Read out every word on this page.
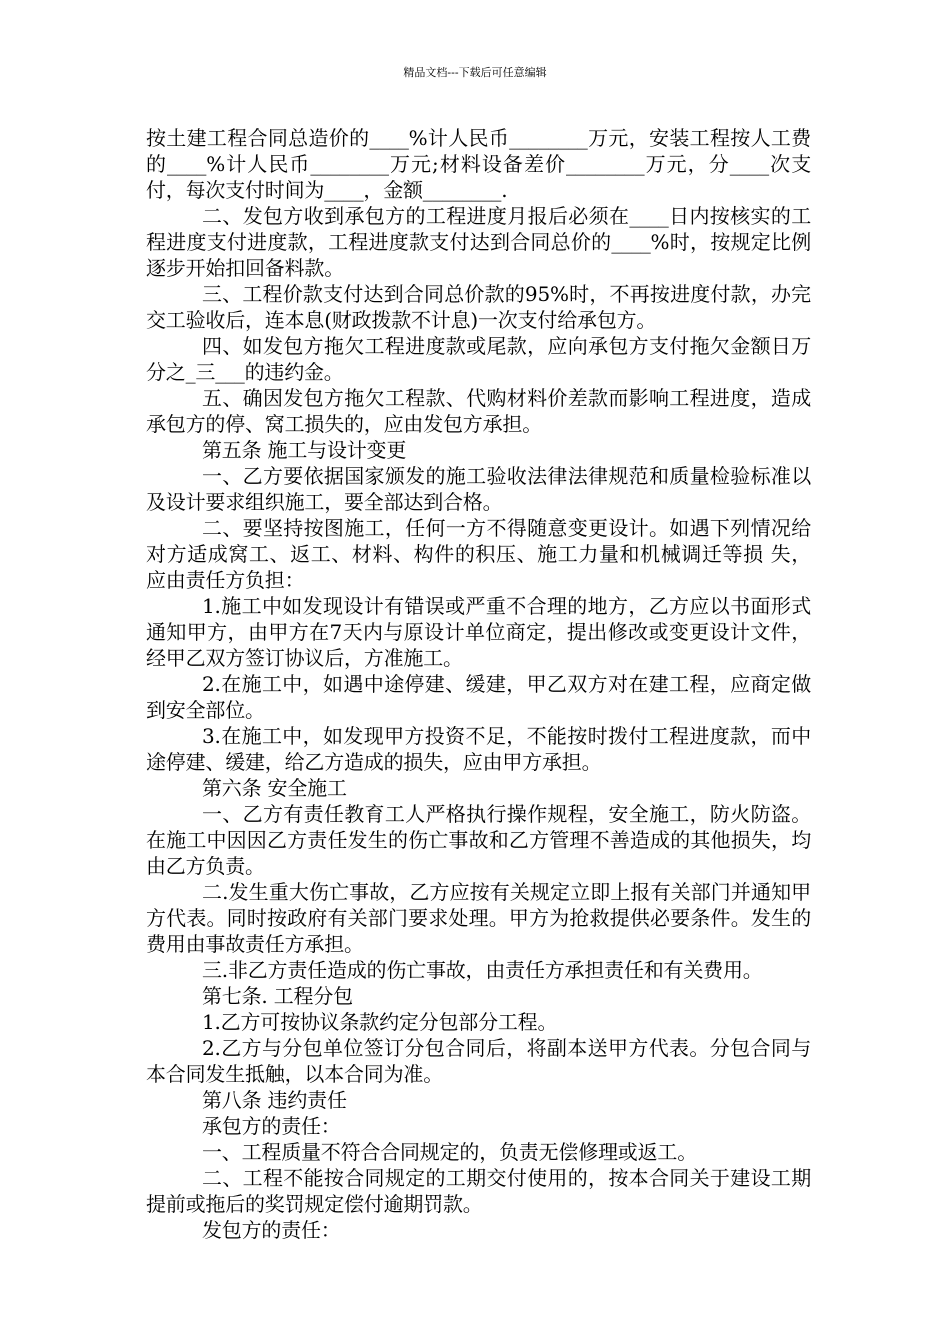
精品文档---下载后可任意编辑

按土建工程合同总造价的____%计人民币________万元，安装工程按人工费的____%计人民币________万元;材料设备差价________万元，分____次支付，每次支付时间为____，金额________.

二、发包方收到承包方的工程进度月报后必须在____日内按核实的工程进度支付进度款，工程进度款支付达到合同总价的____%时，按规定比例逐步开始扣回备料款。

三、工程价款支付达到合同总价款的95%时，不再按进度付款，办完交工验收后，连本息(财政拨款不计息)一次支付给承包方。

四、如发包方拖欠工程进度款或尾款，应向承包方支付拖欠金额日万分之_三___的违约金。

五、确因发包方拖欠工程款、代购材料价差款而影响工程进度，造成承包方的停、窝工损失的，应由发包方承担。

第五条 施工与设计变更

一、乙方要依据国家颁发的施工验收法律法律规范和质量检验标准以及设计要求组织施工，要全部达到合格。

二、要坚持按图施工，任何一方不得随意变更设计。如遇下列情况给对方适成窝工、返工、材料、构件的积压、施工力量和机械调迁等损 失， 应由责任方负担：

1.施工中如发现设计有错误或严重不合理的地方，乙方应以书面形式通知甲方，由甲方在7天内与原设计单位商定，提出修改或变更设计文件，经甲乙双方签订协议后，方准施工。

2.在施工中，如遇中途停建、缓建，甲乙双方对在建工程，应商定做到安全部位。

3.在施工中，如发现甲方投资不足，不能按时拨付工程进度款，而中途停建、缓建，给乙方造成的损失，应由甲方承担。

第六条 安全施工

一、乙方有责任教育工人严格执行操作规程，安全施工，防火防盗。在施工中因因乙方责任发生的伤亡事故和乙方管理不善造成的其他损失，均由乙方负责。

二.发生重大伤亡事故，乙方应按有关规定立即上报有关部门并通知甲方代表。同时按政府有关部门要求处理。甲方为抢救提供必要条件。发生的费用由事故责任方承担。

三.非乙方责任造成的伤亡事故，由责任方承担责任和有关费用。

第七条. 工程分包

1.乙方可按协议条款约定分包部分工程。

2.乙方与分包单位签订分包合同后，将副本送甲方代表。分包合同与本合同发生抵触，以本合同为准。

第八条 违约责任

承包方的责任：

一、工程质量不符合合同规定的，负责无偿修理或返工。

二、工程不能按合同规定的工期交付使用的，按本合同关于建设工期提前或拖后的奖罚规定偿付逾期罚款。

发包方的责任：
